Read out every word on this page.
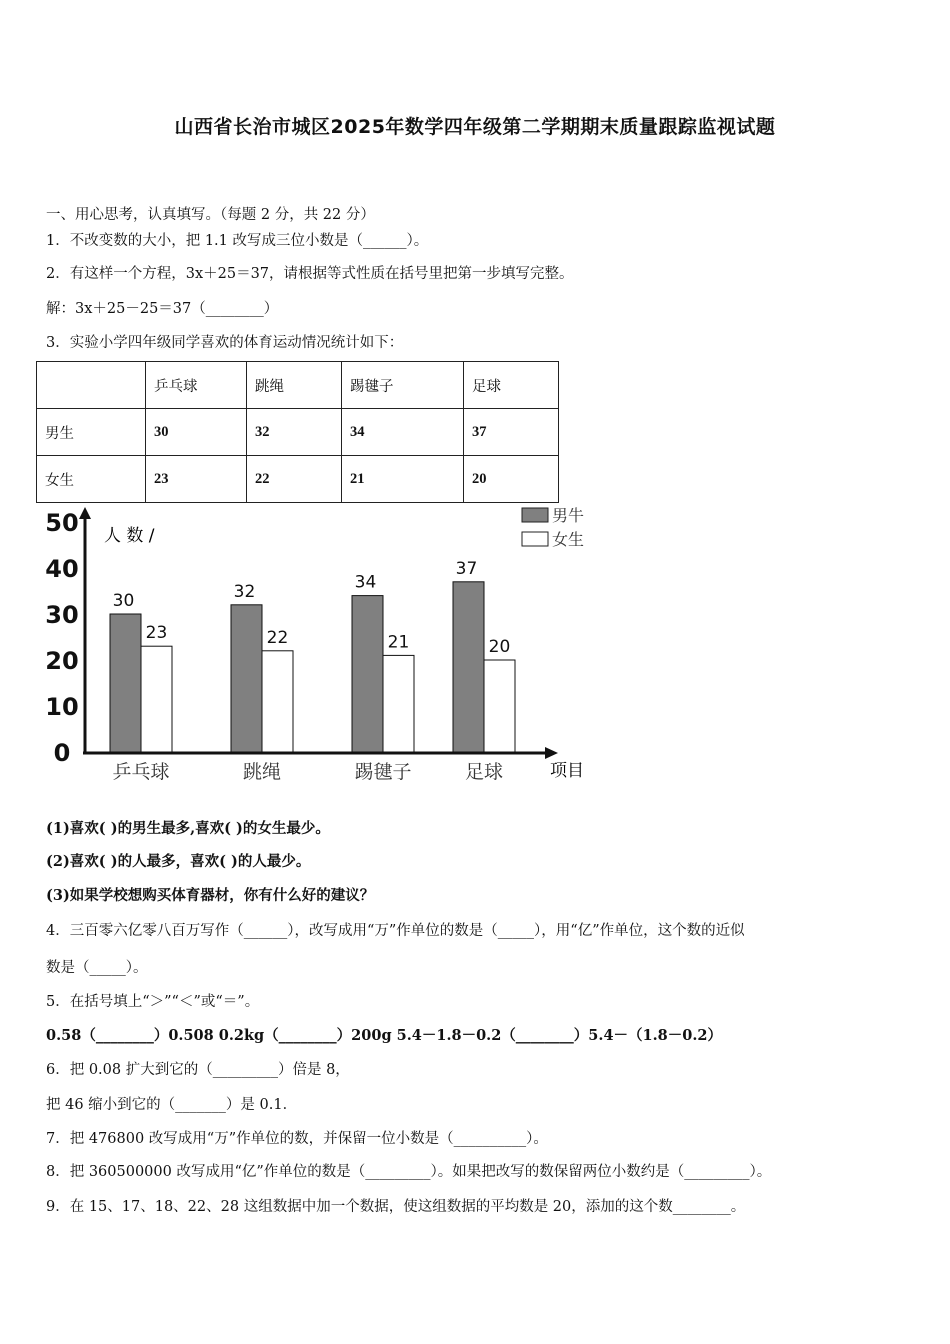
山西省长治市城区2025年数学四年级第二学期期末质量跟踪监视试题
一、用心思考，认真填写。（每题 2 分，共 22 分）
1．不改变数的大小，把 1.1 改写成三位小数是（______）。
2．有这样一个方程，3x＋25＝37，请根据等式性质在括号里把第一步填写完整。
解：3x＋25－25＝37（________）
3．实验小学四年级同学喜欢的体育运动情况统计如下：
	乒乓球	跳绳	踢毽子	足球
男生	30	32	34	37
女生	23	22	21	20
人 数 /
项目
男牛
女生
50
40
30
20
10
0
30
23
乒乓球
32
22
跳绳
34
21
踢毽子
37
20
足球
(1)喜欢( )的男生最多,喜欢( )的女生最少。
(2)喜欢( )的人最多，喜欢( )的人最少。
(3)如果学校想购买体育器材，你有什么好的建议？
4．三百零六亿零八百万写作（______），改写成用“万”作单位的数是（_____），用“亿”作单位，这个数的近似
数是（_____）。
5．在括号填上“＞”“＜”或“＝”。
0.58（________）0.508 0.2kg（________）200g 5.4－1.8－0.2（________）5.4－（1.8－0.2）
6．把 0.08 扩大到它的（_________）倍是 8，
把 46 缩小到它的（_______）是 0.1．
7．把 476800 改写成用“万”作单位的数，并保留一位小数是（__________）。
8．把 360500000 改写成用“亿”作单位的数是（_________）。如果把改写的数保留两位小数约是（_________）。
9．在 15、17、18、22、28 这组数据中加一个数据，使这组数据的平均数是 20，添加的这个数________。
